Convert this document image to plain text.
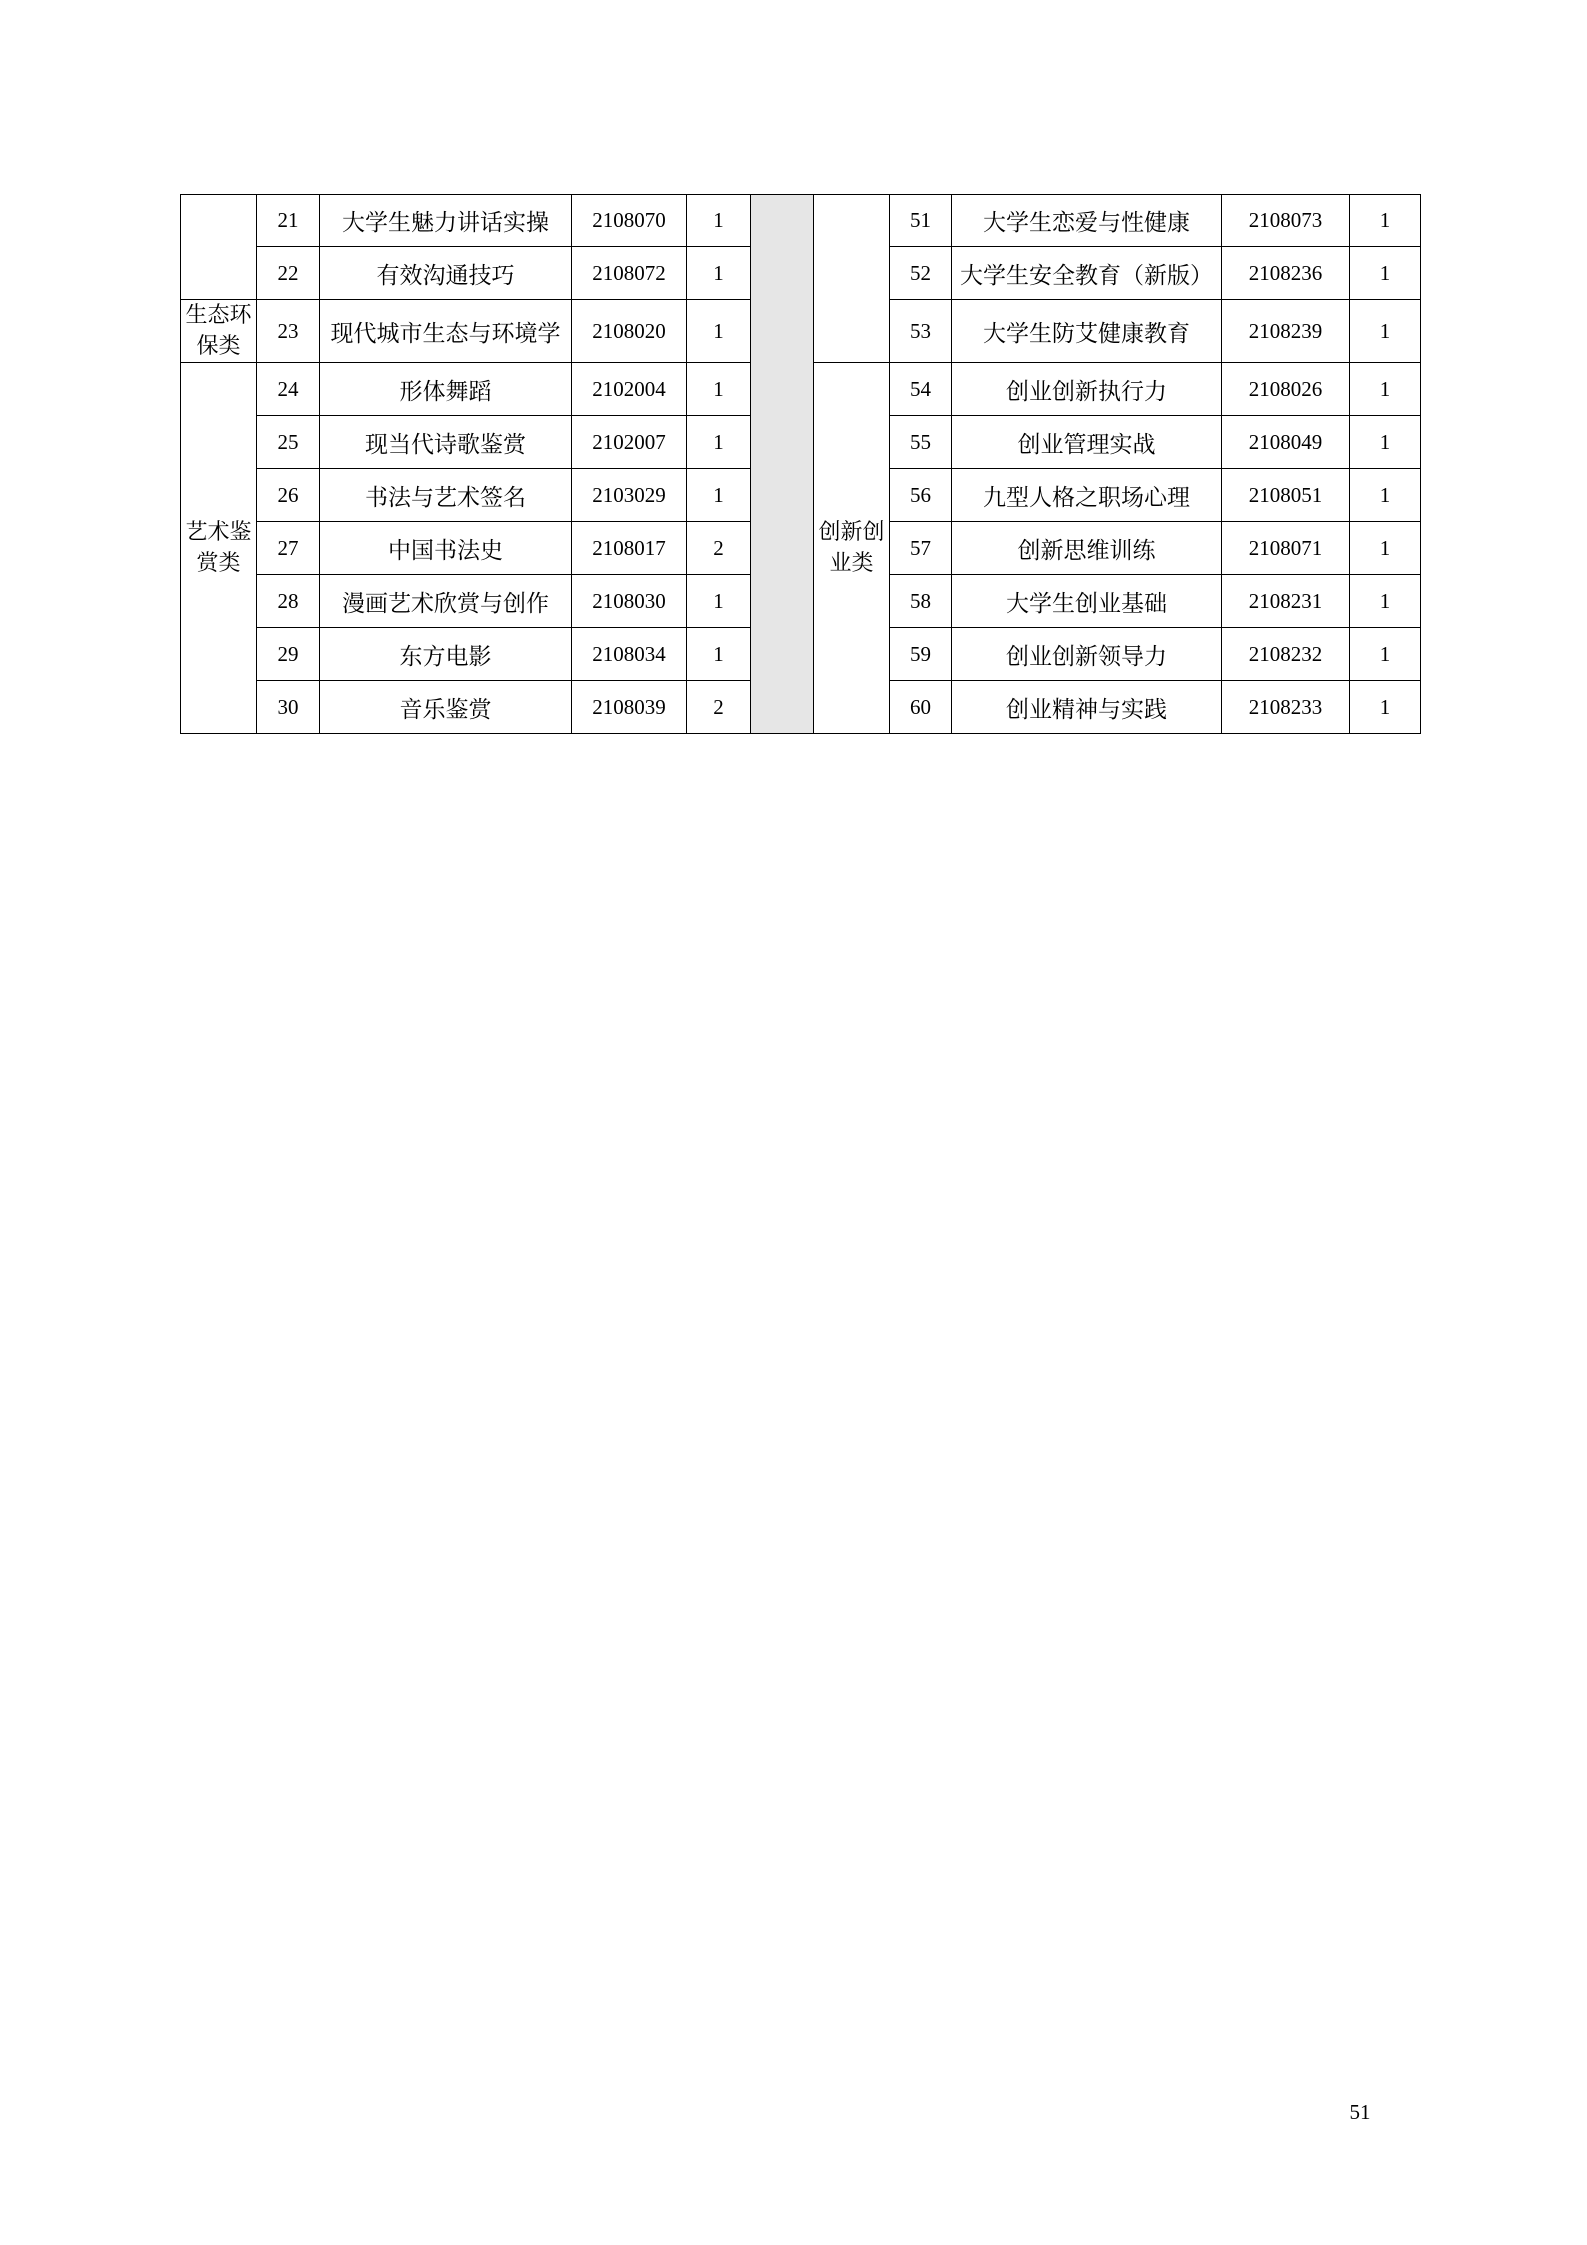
	21	大学生魅力讲话实操	2108070	1			51	大学生恋爱与性健康	2108073	1
	22	有效沟通技巧	2108072	1			52	大学生安全教育（新版）	2108236	1
生态环保类	23	现代城市生态与环境学	2108020	1			53	大学生防艾健康教育	2108239	1
艺术鉴赏类	24	形体舞蹈	2102004	1		创新创业类	54	创业创新执行力	2108026	1
	25	现当代诗歌鉴赏	2102007	1			55	创业管理实战	2108049	1
	26	书法与艺术签名	2103029	1			56	九型人格之职场心理	2108051	1
	27	中国书法史	2108017	2			57	创新思维训练	2108071	1
	28	漫画艺术欣赏与创作	2108030	1			58	大学生创业基础	2108231	1
	29	东方电影	2108034	1			59	创业创新领导力	2108232	1
	30	音乐鉴赏	2108039	2			60	创业精神与实践	2108233	1
51
